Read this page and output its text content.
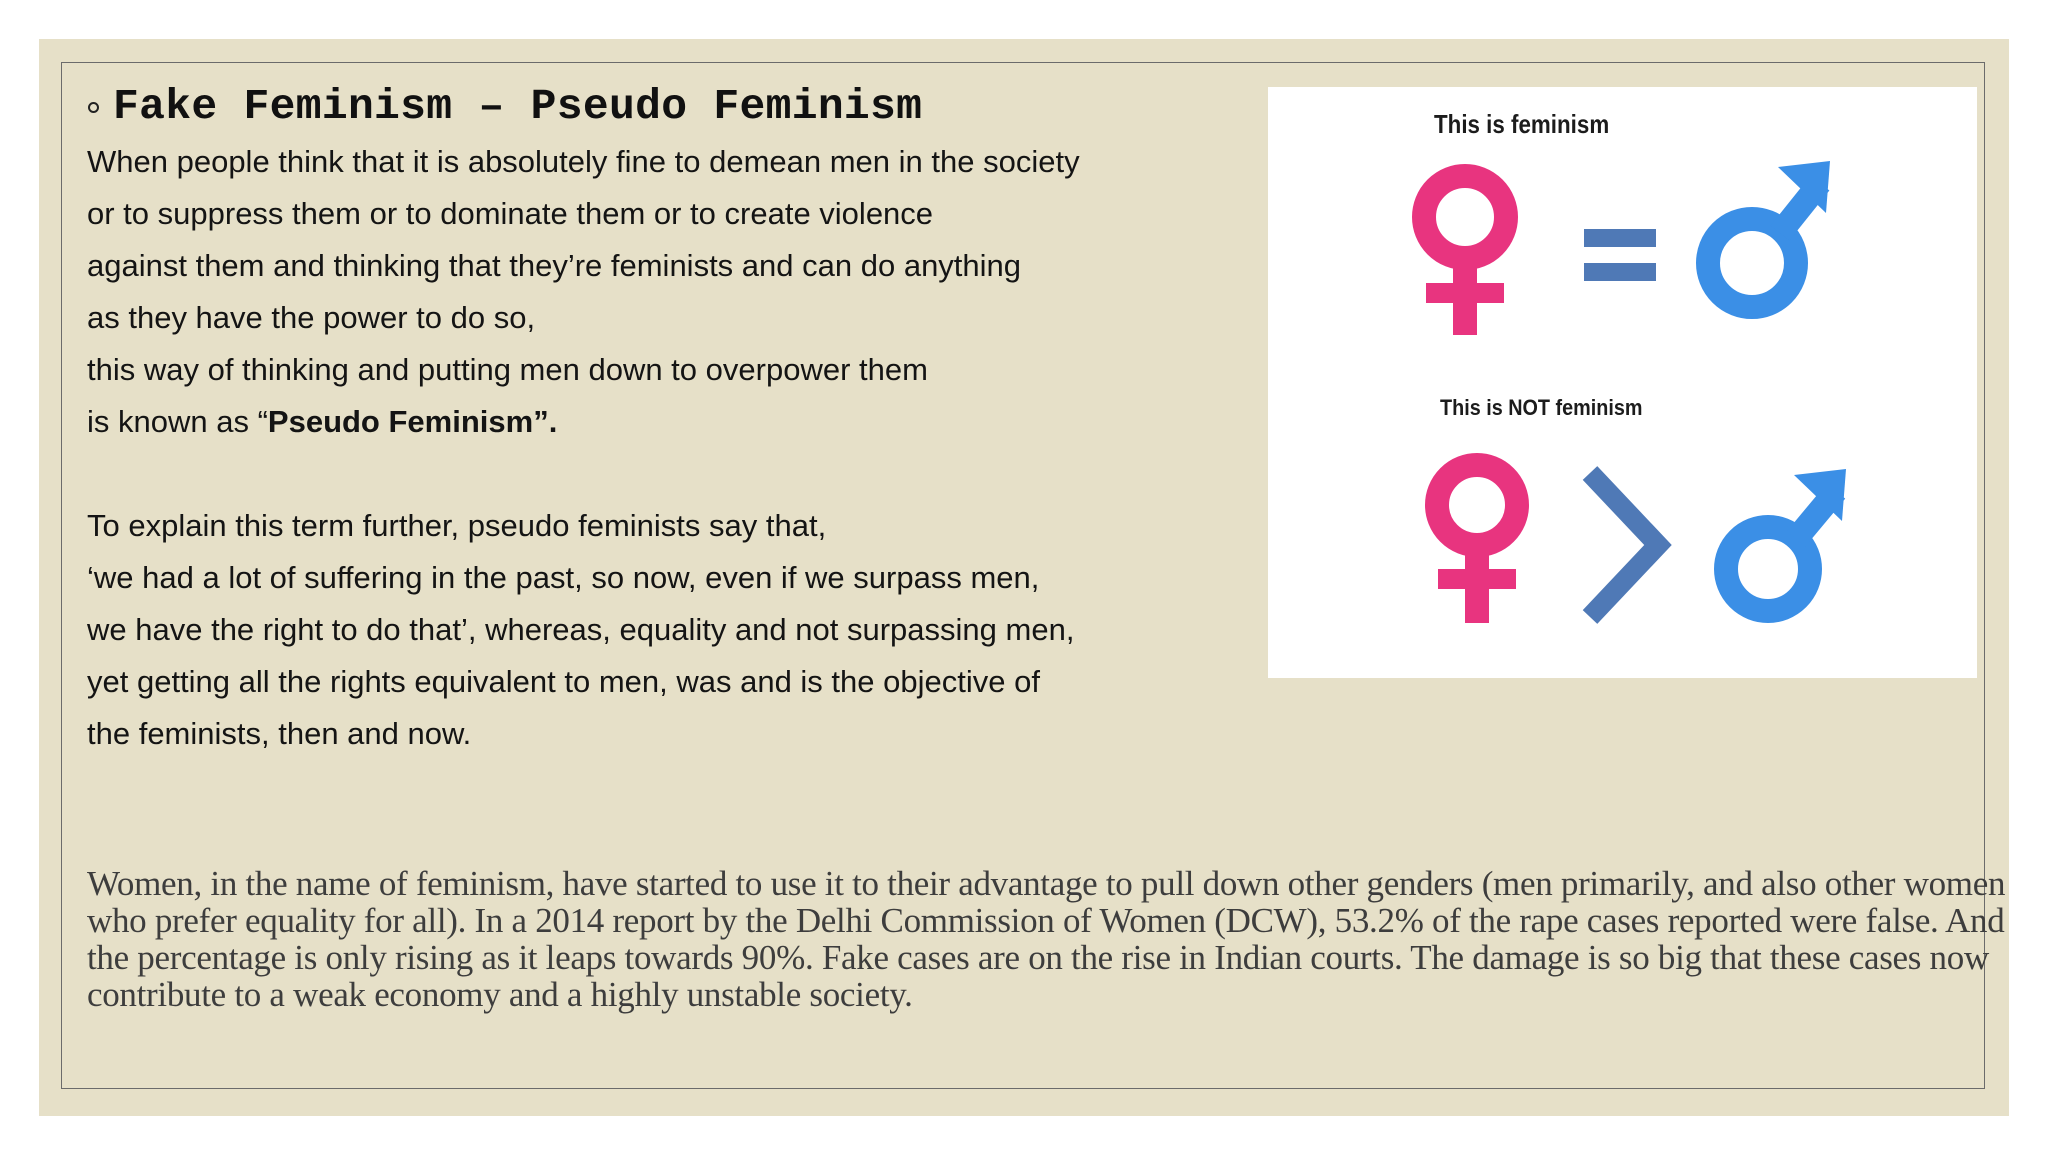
Fake Feminism – Pseudo Feminism
When people think that it is absolutely fine to demean men in the society
or to suppress them or to dominate them or to create violence
against them and thinking that they’re feminists and can do anything
as they have the power to do so,
this way of thinking and putting men down to overpower them
is known as “Pseudo Feminism”.
To explain this term further, pseudo feminists say that,
‘we had a lot of suffering in the past, so now, even if we surpass men,
we have the right to do that’, whereas, equality and not surpassing men,
yet getting all the rights equivalent to men, was and is the objective of
the feminists, then and now.
This is feminism
This is NOT feminism
Women, in the name of feminism, have started to use it to their advantage to pull down other genders (men primarily, and also other women who prefer equality for all). In a 2014 report by the Delhi Commission of Women (DCW), 53.2% of the rape cases reported were false. And the percentage is only rising as it leaps towards 90%. Fake cases are on the rise in Indian courts. The damage is so big that these cases now contribute to a weak economy and a highly unstable society.
